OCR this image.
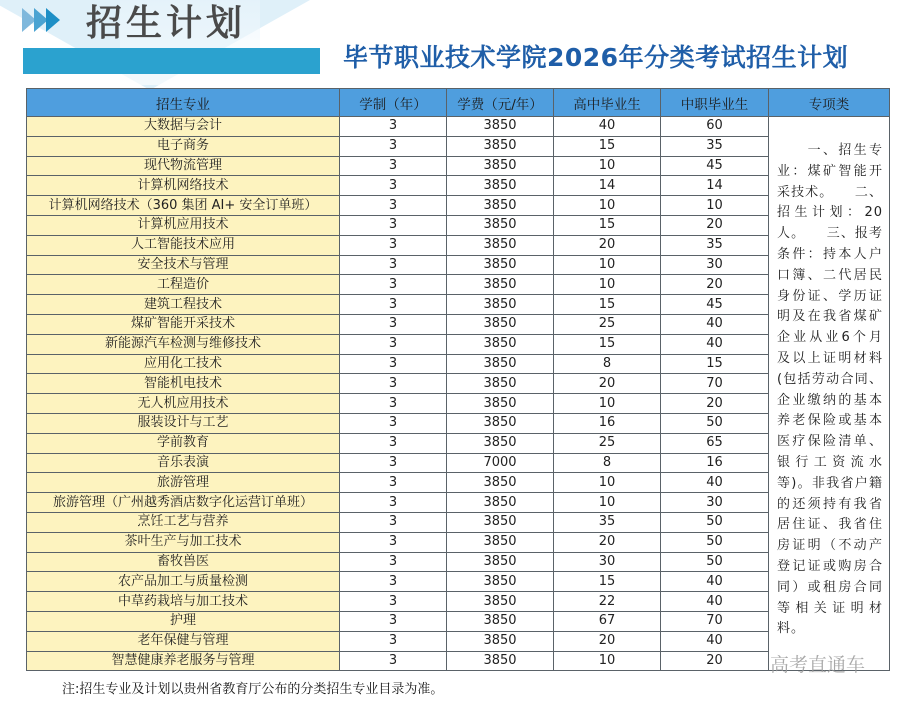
招生计划
毕节职业技术学院2026年分类考试招生计划
招生专业	学制（年）	学费（元/年）	高中毕业生	中职毕业生	专项类
大数据与会计	3	3850	40	60	　　一、招生专业：煤矿智能开采技术。　　二、招生计划：20人。　　三、报考条件：持本人户口簿、二代居民身份证、学历证明及在我省煤矿企业从业6个月及以上证明材料(包括劳动合同、企业缴纳的基本养老保险或基本医疗保险清单、银行工资流水等)。非我省户籍的还须持有我省居住证、我省住房证明（不动产登记证或购房合同）或租房合同等相关证明材料。
电子商务	3	3850	15	35	
现代物流管理	3	3850	10	45	
计算机网络技术	3	3850	14	14	
计算机网络技术（360 集团 AI+ 安全订单班）	3	3850	10	10	
计算机应用技术	3	3850	15	20	
人工智能技术应用	3	3850	20	35	
安全技术与管理	3	3850	10	30	
工程造价	3	3850	10	20	
建筑工程技术	3	3850	15	45	
煤矿智能开采技术	3	3850	25	40	
新能源汽车检测与维修技术	3	3850	15	40	
应用化工技术	3	3850	8	15	
智能机电技术	3	3850	20	70	
无人机应用技术	3	3850	10	20	
服装设计与工艺	3	3850	16	50	
学前教育	3	3850	25	65	
音乐表演	3	7000	8	16	
旅游管理	3	3850	10	40	
旅游管理（广州越秀酒店数字化运营订单班）	3	3850	10	30	
烹饪工艺与营养	3	3850	35	50	
茶叶生产与加工技术	3	3850	20	50	
畜牧兽医	3	3850	30	50	
农产品加工与质量检测	3	3850	15	40	
中草药栽培与加工技术	3	3850	22	40	
护理	3	3850	67	70	
老年保健与管理	3	3850	20	40	
智慧健康养老服务与管理	3	3850	10	20	高考直通车
注:招生专业及计划以贵州省教育厅公布的分类招生专业目录为准。
